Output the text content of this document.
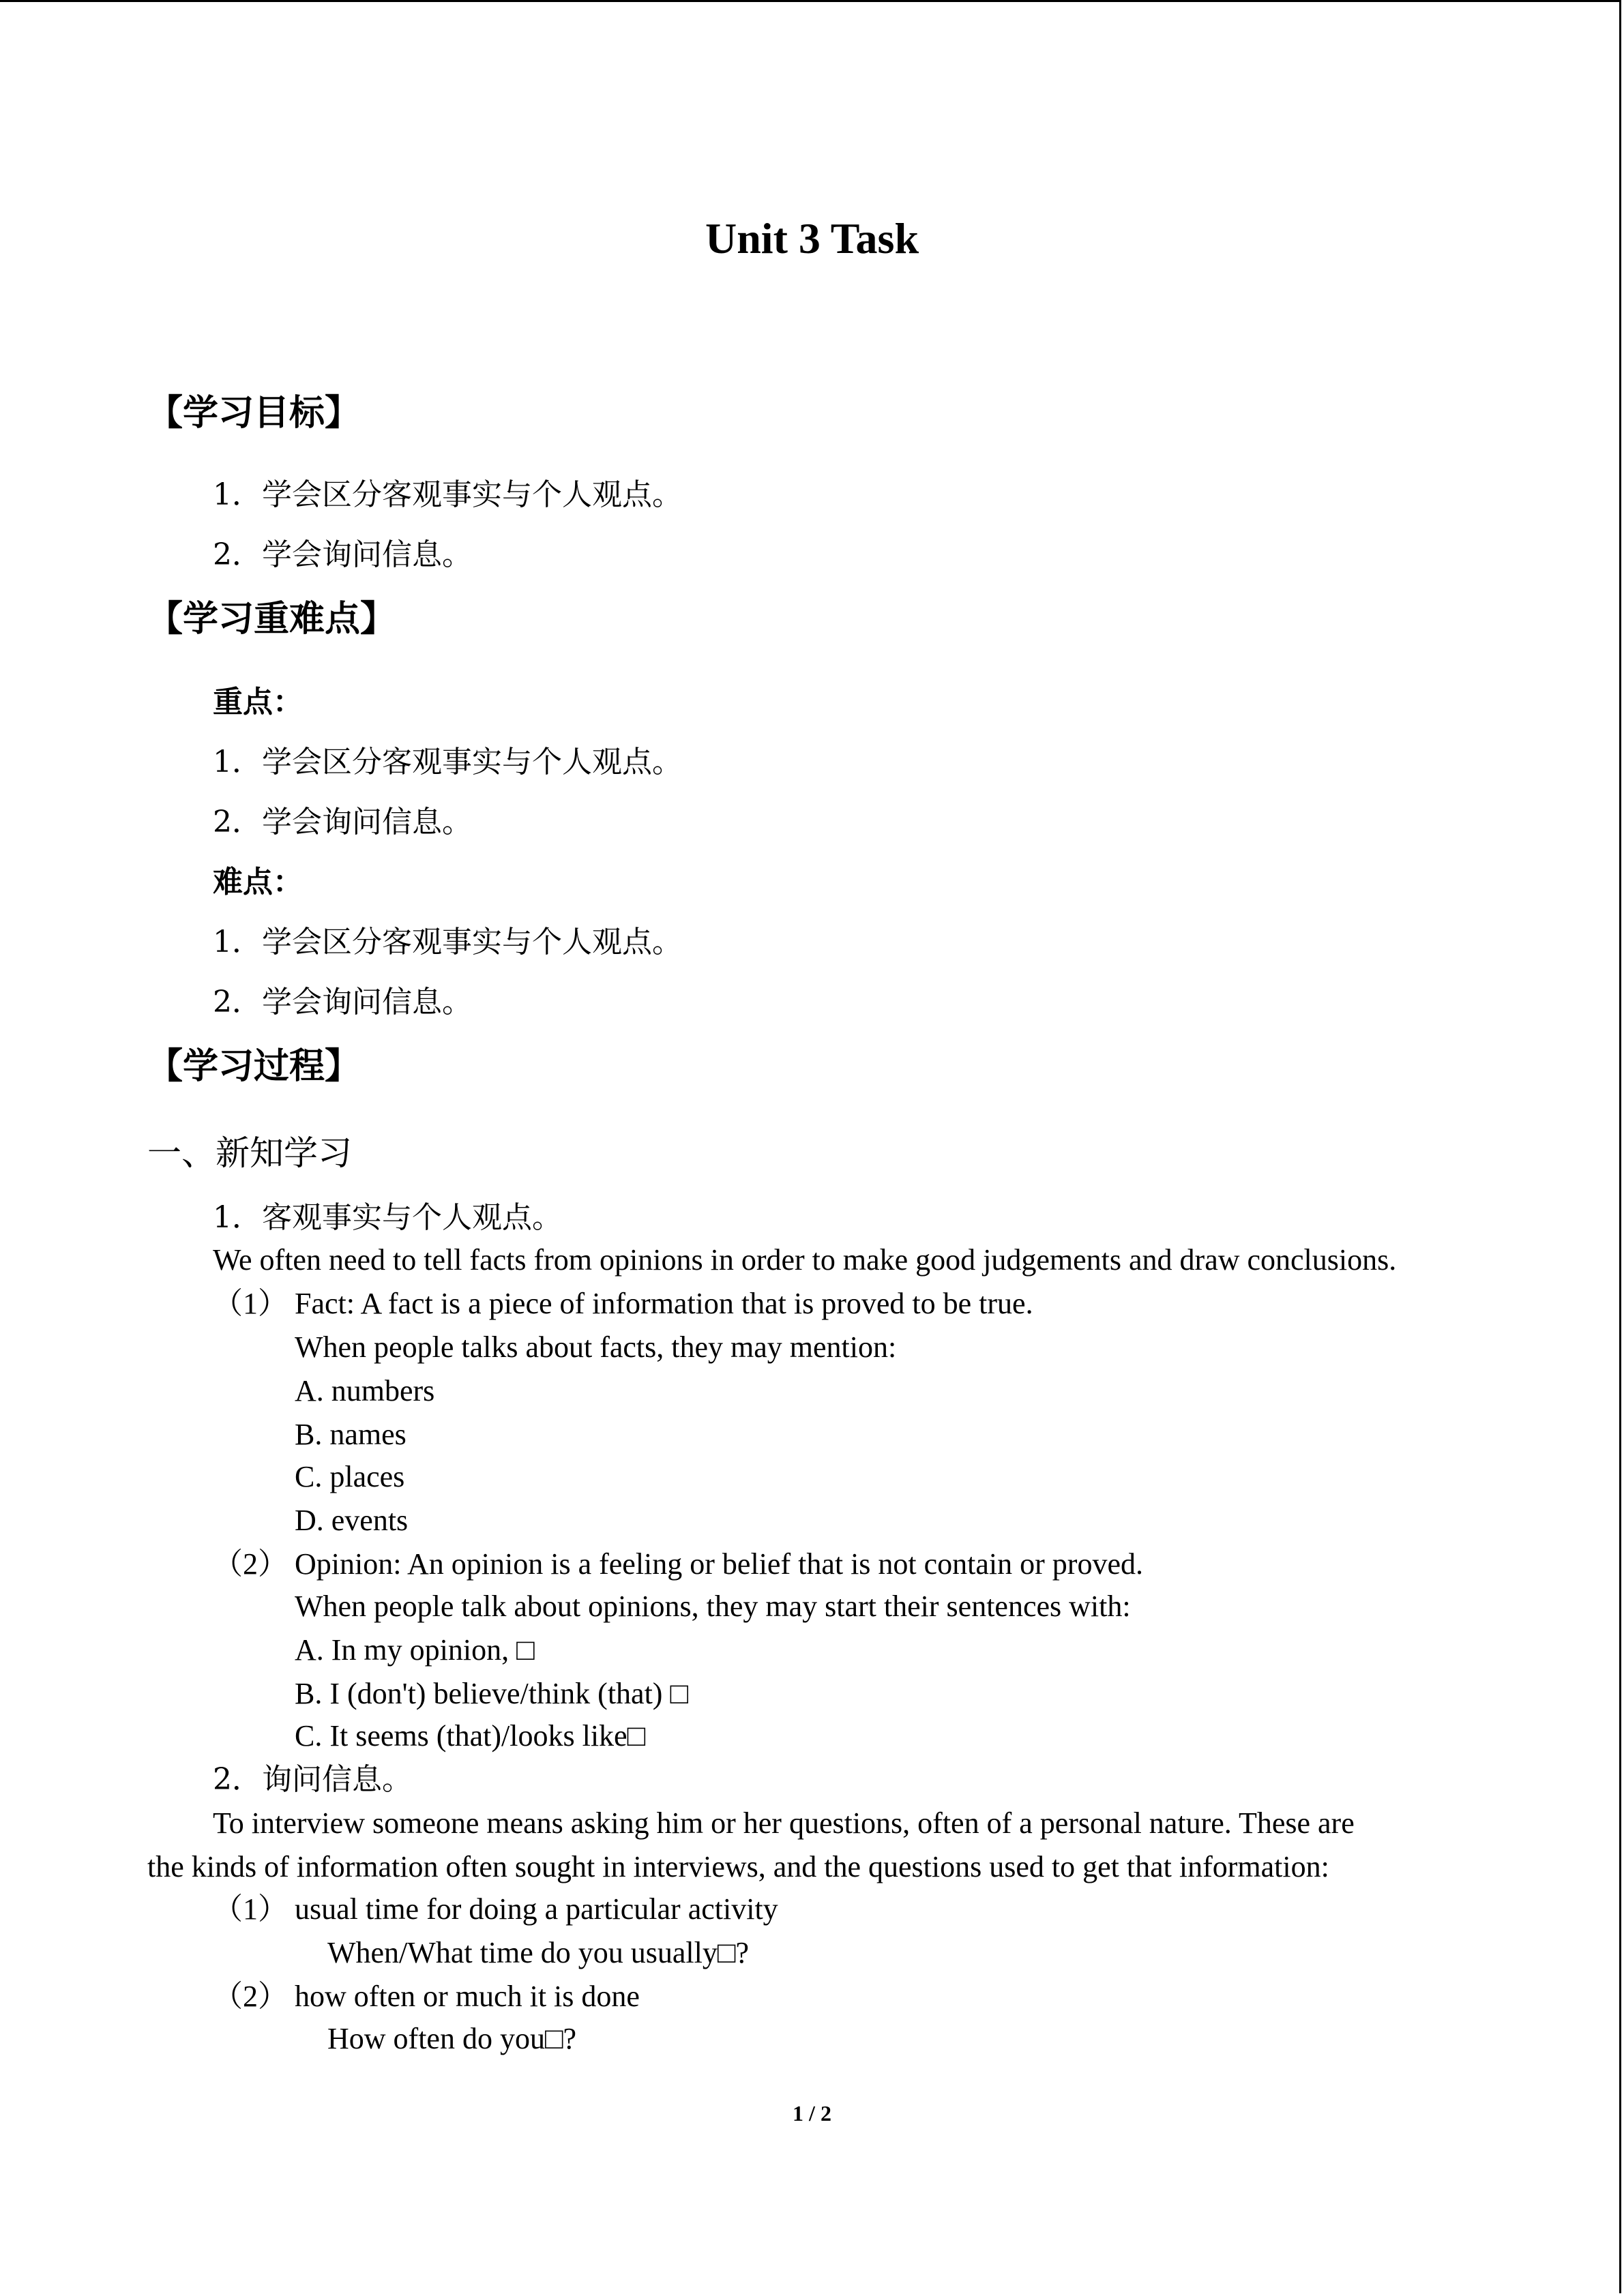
Unit 3 Task
【学习目标】
1．学会区分客观事实与个人观点。
2．学会询问信息。
【学习重难点】
重点：
1．学会区分客观事实与个人观点。
2．学会询问信息。
难点：
1．学会区分客观事实与个人观点。
2．学会询问信息。
【学习过程】
一、新知学习
1．客观事实与个人观点。
We often need to tell facts from opinions in order to make good judgements and draw conclusions.
（1） Fact: A fact is a piece of information that is proved to be true.
When people talks about facts, they may mention:
A. numbers
B. names
C. places
D. events
（2） Opinion: An opinion is a feeling or belief that is not contain or proved.
When people talk about opinions, they may start their sentences with:
A. In my opinion, □
B. I (don't) believe/think (that) □
C. It seems (that)/looks like□
2．询问信息。
To interview someone means asking him or her questions, often of a personal nature. These are
the kinds of information often sought in interviews, and the questions used to get that information:
（1） usual time for doing a particular activity
When/What time do you usually□?
（2） how often or much it is done
How often do you□?
1 / 2
